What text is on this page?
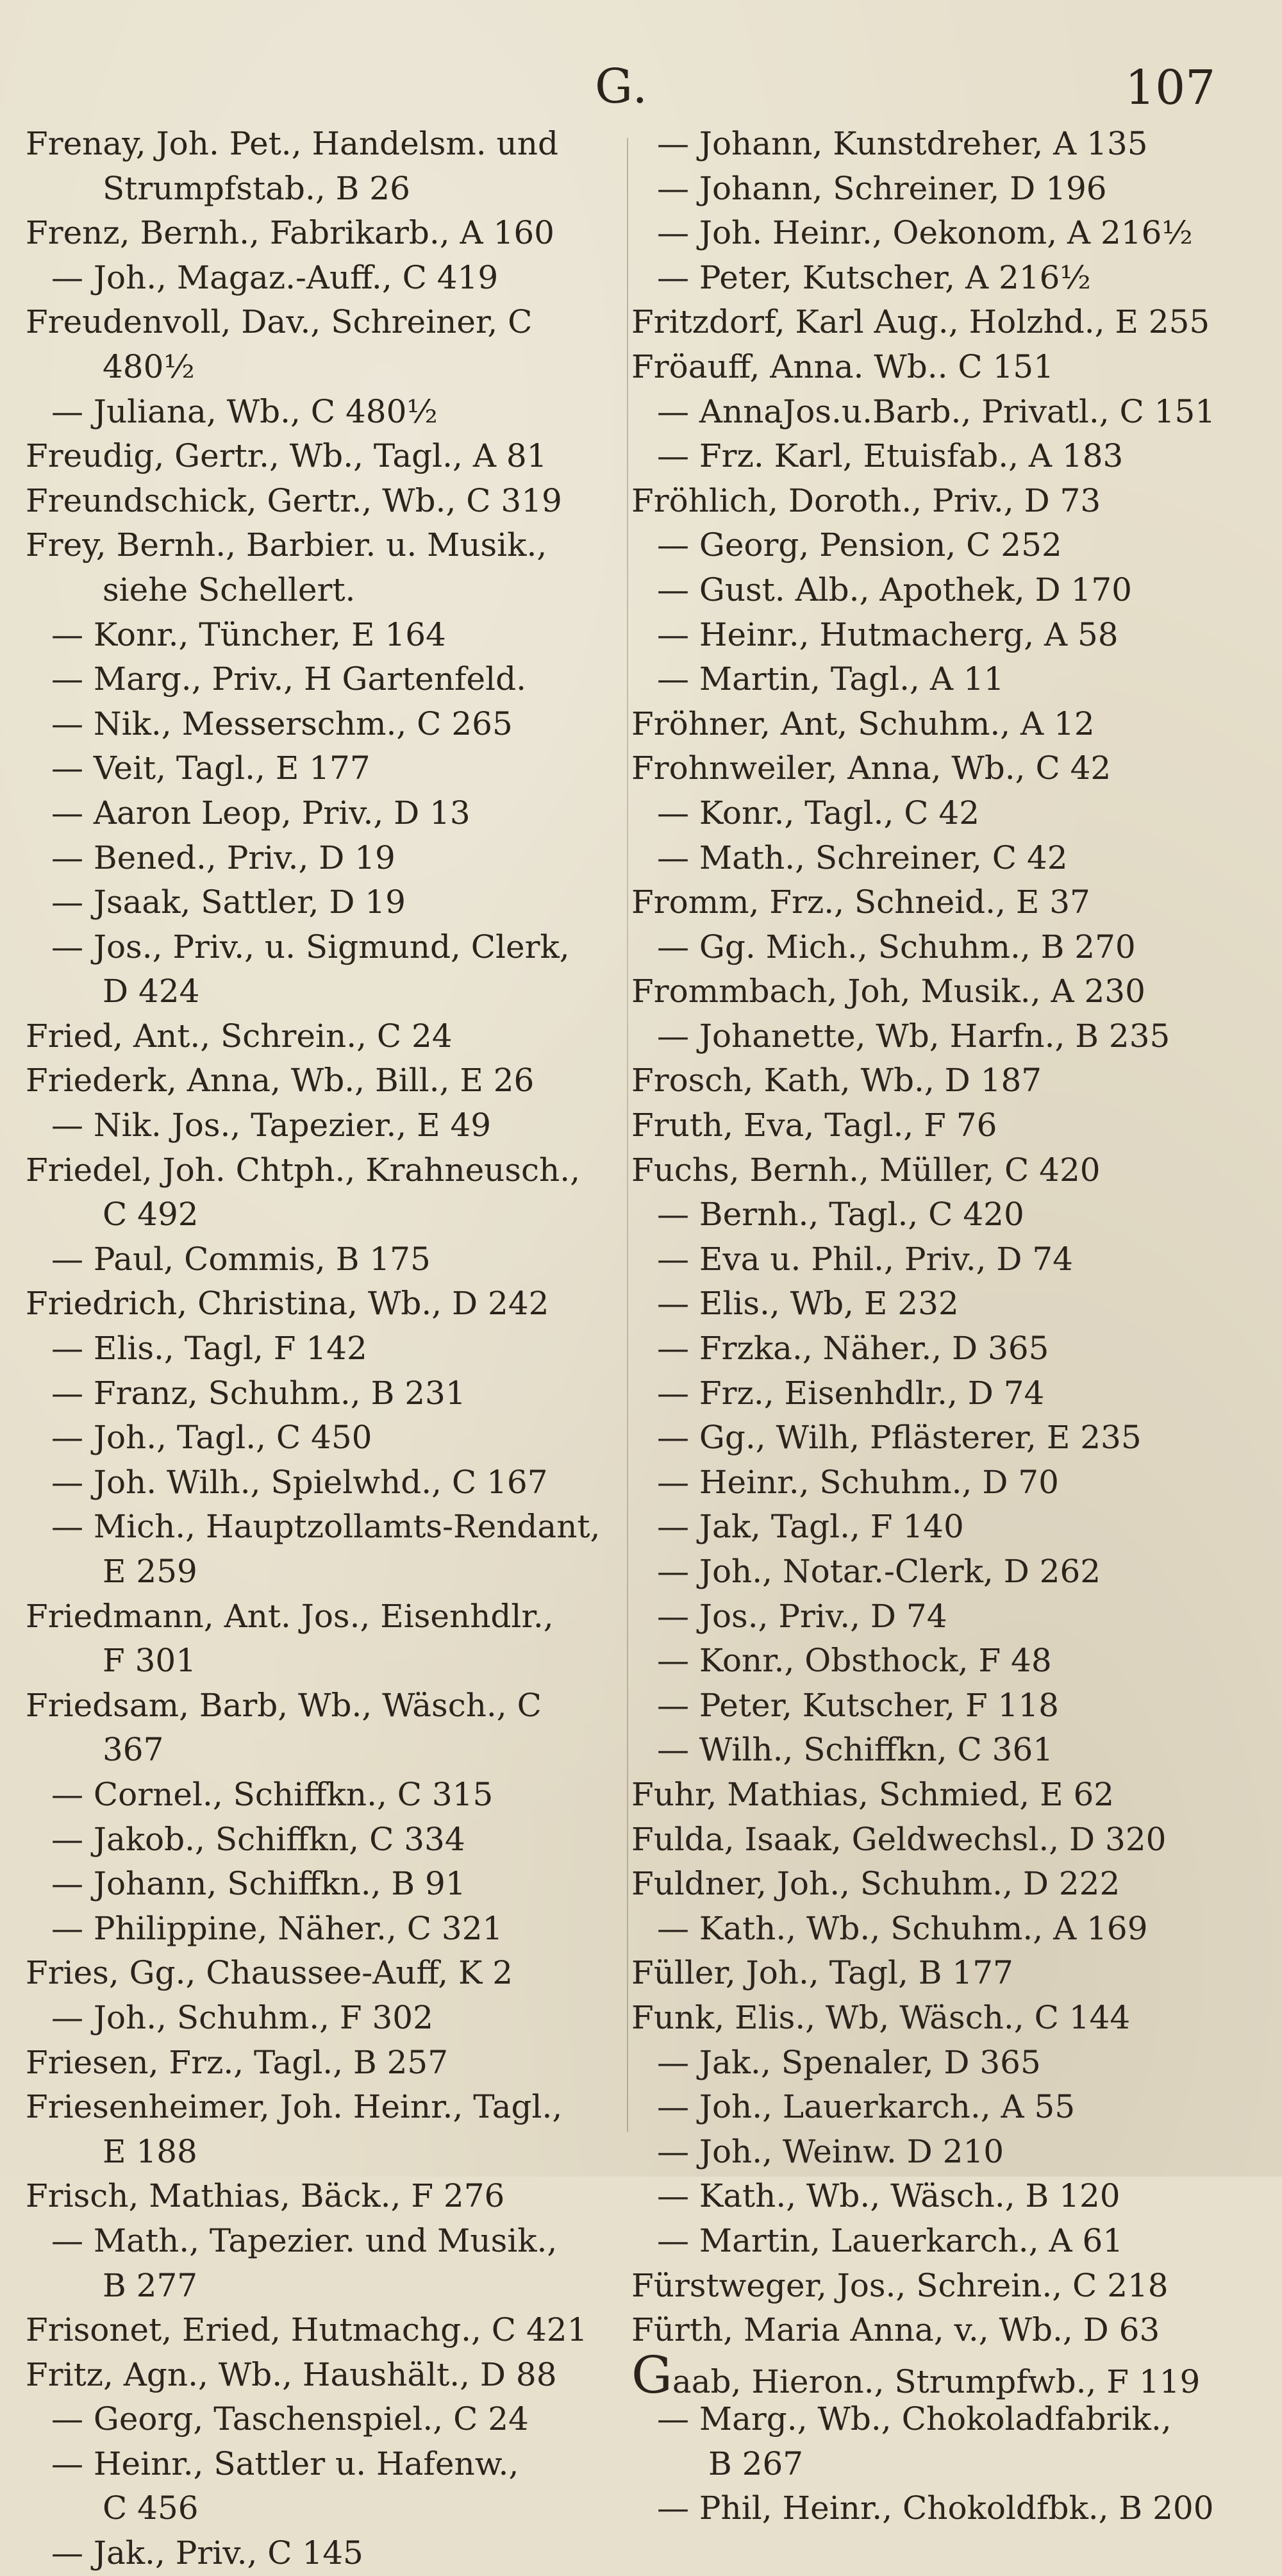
G.	107
Frenay, Joh. Pet., Handelsm. und
Strumpfstab., B 26
Frenz, Bernh., Fabrikarb., A 160
— Joh., Magaz.-Auff., C 419
Freudenvoll, Dav., Schreiner, C
480½
— Juliana, Wb., C 480½
Freudig, Gertr., Wb., Tagl., A 81
Freundschick, Gertr., Wb., C 319
Frey, Bernh., Barbier. u. Musik.,
siehe Schellert.
— Konr., Tüncher, E 164
— Marg., Priv., H Gartenfeld.
— Nik., Messerschm., C 265
— Veit, Tagl., E 177
— Aaron Leop, Priv., D 13
— Bened., Priv., D 19
— Jsaak, Sattler, D 19
— Jos., Priv., u. Sigmund, Clerk,
D 424
Fried, Ant., Schrein., C 24
Friederk, Anna, Wb., Bill., E 26
— Nik. Jos., Tapezier., E 49
Friedel, Joh. Chtph., Krahneusch.,
C 492
— Paul, Commis, B 175
Friedrich, Christina, Wb., D 242
— Elis., Tagl, F 142
— Franz, Schuhm., B 231
— Joh., Tagl., C 450
— Joh. Wilh., Spielwhd., C 167
— Mich., Hauptzollamts-Rendant,
E 259
Friedmann, Ant. Jos., Eisenhdlr.,
F 301
Friedsam, Barb, Wb., Wäsch., C
367
— Cornel., Schiffkn., C 315
— Jakob., Schiffkn, C 334
— Johann, Schiffkn., B 91
— Philippine, Näher., C 321
Fries, Gg., Chaussee-Auff, K 2
— Joh., Schuhm., F 302
Friesen, Frz., Tagl., B 257
Friesenheimer, Joh. Heinr., Tagl.,
E 188
Frisch, Mathias, Bäck., F 276
— Math., Tapezier. und Musik.,
B 277
Frisonet, Eried, Hutmachg., C 421
Fritz, Agn., Wb., Haushält., D 88
— Georg, Taschenspiel., C 24
— Heinr., Sattler u. Hafenw.,
C 456
— Jak., Priv., C 145
— Johann, Kunstdreher, A 135
— Johann, Schreiner, D 196
— Joh. Heinr., Oekonom, A 216½
— Peter, Kutscher, A 216½
Fritzdorf, Karl Aug., Holzhd., E 255
Fröauff, Anna. Wb.. C 151
— AnnaJos.u.Barb., Privatl., C 151
— Frz. Karl, Etuisfab., A 183
Fröhlich, Doroth., Priv., D 73
— Georg, Pension, C 252
— Gust. Alb., Apothek, D 170
— Heinr., Hutmacherg, A 58
— Martin, Tagl., A 11
Fröhner, Ant, Schuhm., A 12
Frohnweiler, Anna, Wb., C 42
— Konr., Tagl., C 42
— Math., Schreiner, C 42
Fromm, Frz., Schneid., E 37
— Gg. Mich., Schuhm., B 270
Frommbach, Joh, Musik., A 230
— Johanette, Wb, Harfn., B 235
Frosch, Kath, Wb., D 187
Fruth, Eva, Tagl., F 76
Fuchs, Bernh., Müller, C 420
— Bernh., Tagl., C 420
— Eva u. Phil., Priv., D 74
— Elis., Wb, E 232
— Frzka., Näher., D 365
— Frz., Eisenhdlr., D 74
— Gg., Wilh, Pflästerer, E 235
— Heinr., Schuhm., D 70
— Jak, Tagl., F 140
— Joh., Notar.-Clerk, D 262
— Jos., Priv., D 74
— Konr., Obsthock, F 48
— Peter, Kutscher, F 118
— Wilh., Schiffkn, C 361
Fuhr, Mathias, Schmied, E 62
Fulda, Isaak, Geldwechsl., D 320
Fuldner, Joh., Schuhm., D 222
— Kath., Wb., Schuhm., A 169
Füller, Joh., Tagl, B 177
Funk, Elis., Wb, Wäsch., C 144
— Jak., Spenaler, D 365
— Joh., Lauerkarch., A 55
— Joh., Weinw. D 210
— Kath., Wb., Wäsch., B 120
— Martin, Lauerkarch., A 61
Fürstweger, Jos., Schrein., C 218
Fürth, Maria Anna, v., Wb., D 63
Gaab, Hieron., Strumpfwb., F 119
— Marg., Wb., Chokoladfabrik.,
B 267
— Phil, Heinr., Chokoldfbk., B 200
